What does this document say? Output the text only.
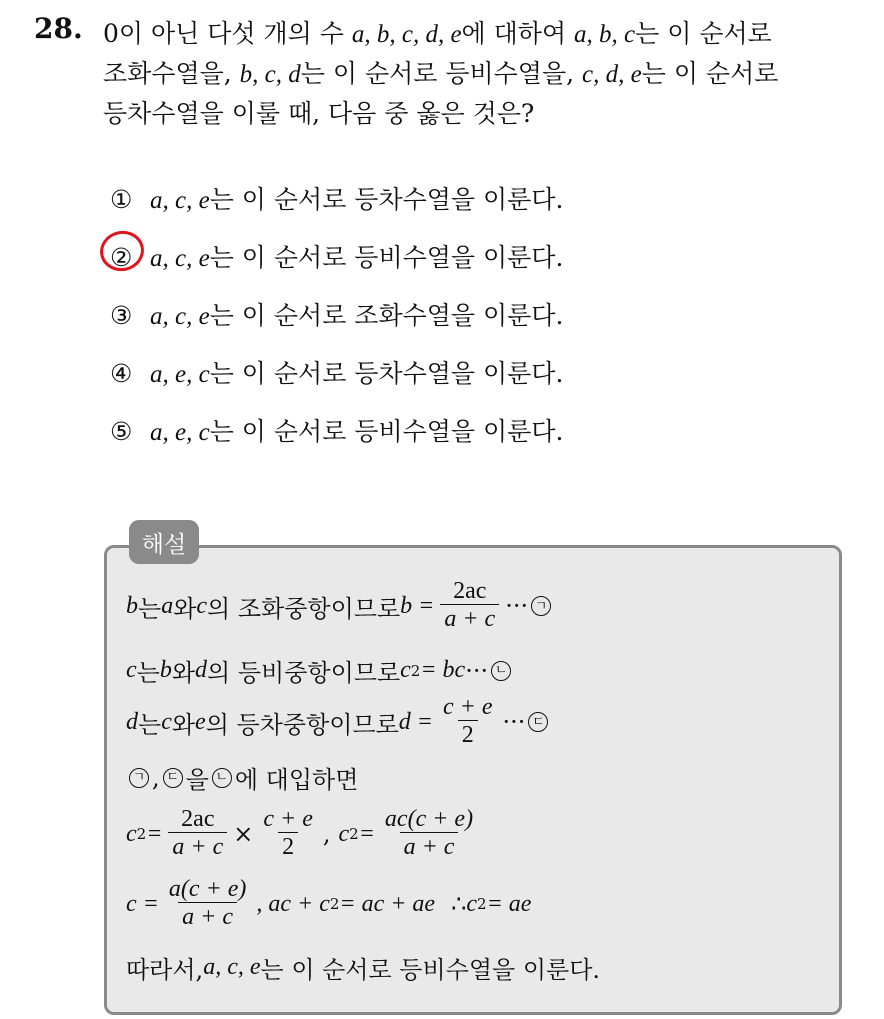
28. 0이 아닌 다섯 개의 수 a, b, c, d, e에 대하여 a, b, c는 이 순서로
조화수열을, b, c, d는 이 순서로 등비수열을, c, d, e는 이 순서로
등차수열을 이룰 때, 다음 중 옳은 것은?
① a, c, e는 이 순서로 등차수열을 이룬다.
② a, c, e는 이 순서로 등비수열을 이룬다.
③ a, c, e는 이 순서로 조화수열을 이룬다.
④ a, e, c는 이 순서로 등차수열을 이룬다.
⑤ a, e, c는 이 순서로 등비수열을 이룬다.
해설
b 는 a 와 c 의 조화중항이므로 $b = \frac{2ac}{a + c}$ ··· ㄱ
c 는 b 와 d 의 등비중항이므로 c 2 = bc ··· ㄴ
d 는 c 와 e 의 등차중항이므로 $d = \frac{c + e}{2}$ ··· ㄷ
ㄱ , ㄷ 을 ㄴ 에 대입하면
c $2 = \frac{2ac}{a + c} \times \frac{c + e}{2}$ , c $2 = \frac{ac(c + e)}{a + c}$
$c = \frac{a(c + e)}{a + c}$ , ac + c 2 = ac + ae ∴ c 2 = ae
따라서, a, c, e 는 이 순서로 등비수열을 이룬다.
